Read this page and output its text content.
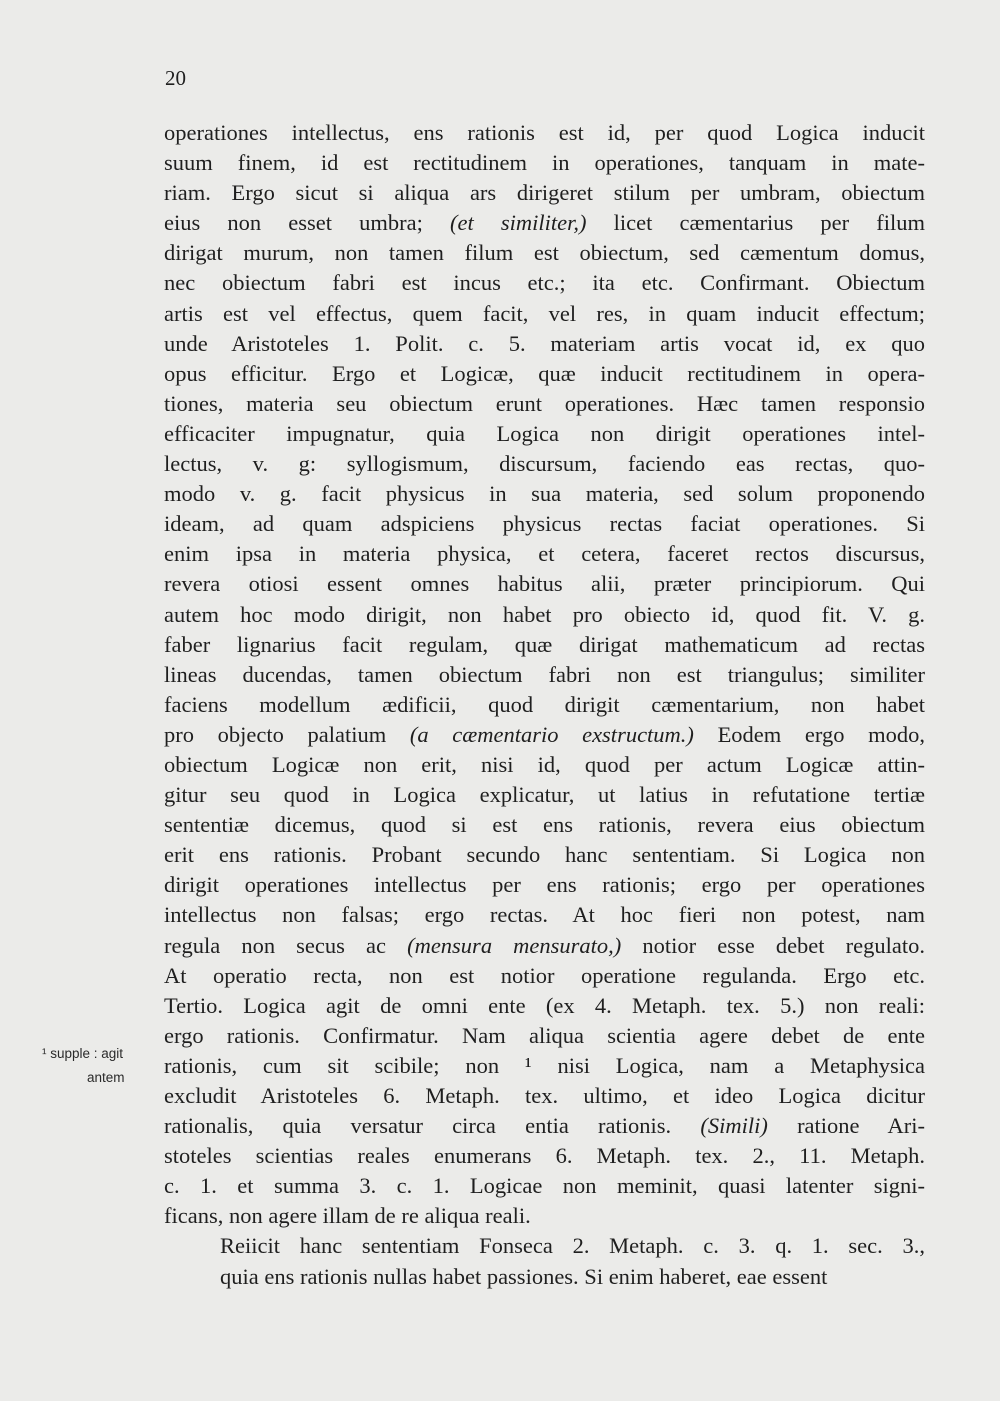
20
operationes intellectus, ens rationis est id, per quod Logica inducit
suum finem, id est rectitudinem in operationes, tanquam in mate-
riam. Ergo sicut si aliqua ars dirigeret stilum per umbram, obiectum
eius non esset umbra; (et similiter,) licet cæmentarius per filum
dirigat murum, non tamen filum est obiectum, sed cæmentum domus,
nec obiectum fabri est incus etc.; ita etc. Confirmant. Obiectum
artis est vel effectus, quem facit, vel res, in quam inducit effectum;
unde Aristoteles 1. Polit. c. 5. materiam artis vocat id, ex quo
opus efficitur. Ergo et Logicæ, quæ inducit rectitudinem in opera-
tiones, materia seu obiectum erunt operationes. Hæc tamen responsio
efficaciter impugnatur, quia Logica non dirigit operationes intel-
lectus, v. g: syllogismum, discursum, faciendo eas rectas, quo-
modo v. g. facit physicus in sua materia, sed solum proponendo
ideam, ad quam adspiciens physicus rectas faciat operationes. Si
enim ipsa in materia physica, et cetera, faceret rectos discursus,
revera otiosi essent omnes habitus alii, præter principiorum. Qui
autem hoc modo dirigit, non habet pro obiecto id, quod fit. V. g.
faber lignarius facit regulam, quæ dirigat mathematicum ad rectas
lineas ducendas, tamen obiectum fabri non est triangulus; similiter
faciens modellum ædificii, quod dirigit cæmentarium, non habet
pro objecto palatium (a cæmentario exstructum.) Eodem ergo modo,
obiectum Logicæ non erit, nisi id, quod per actum Logicæ attin-
gitur seu quod in Logica explicatur, ut latius in refutatione tertiæ
sententiæ dicemus, quod si est ens rationis, revera eius obiectum
erit ens rationis. Probant secundo hanc sententiam. Si Logica non
dirigit operationes intellectus per ens rationis; ergo per operationes
intellectus non falsas; ergo rectas. At hoc fieri non potest, nam
regula non secus ac (mensura mensurato,) notior esse debet regulato.
At operatio recta, non est notior operatione regulanda. Ergo etc.
Tertio. Logica agit de omni ente (ex 4. Metaph. tex. 5.) non reali:
ergo rationis. Confirmatur. Nam aliqua scientia agere debet de ente
rationis, cum sit scibile; non ¹ nisi Logica, nam a Metaphysica
excludit Aristoteles 6. Metaph. tex. ultimo, et ideo Logica dicitur
rationalis, quia versatur circa entia rationis. (Simili) ratione Ari-
stoteles scientias reales enumerans 6. Metaph. tex. 2., 11. Metaph.
c. 1. et summa 3. c. 1. Logicae non meminit, quasi latenter signi-
ficans, non agere illam de re aliqua reali.
Reiicit hanc sententiam Fonseca 2. Metaph. c. 3. q. 1. sec. 3.,
quia ens rationis nullas habet passiones. Si enim haberet, eae essent
¹ supple : agit
antem
